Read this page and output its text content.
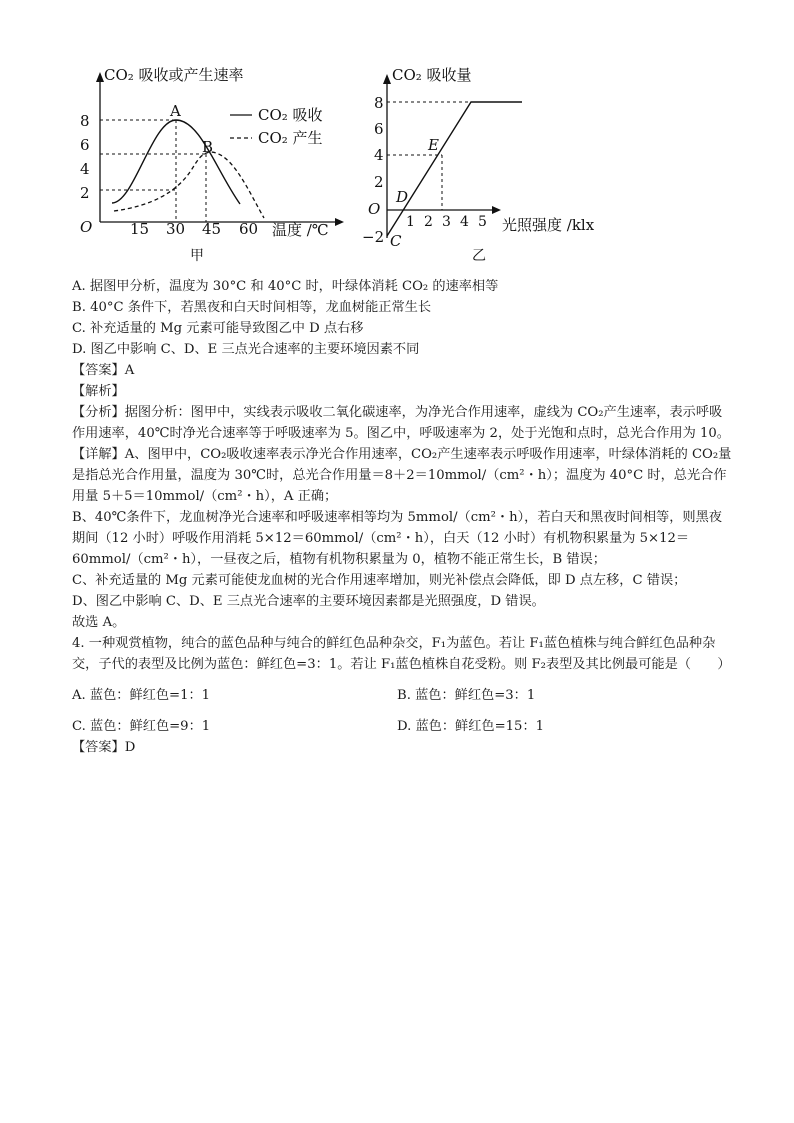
CO₂ 吸收或产生速率
温度 /℃
O
8
6
4
2
15 30 45 60
A
B
CO₂ 吸收
CO₂ 产生
甲
CO₂ 吸收量
光照强度 /klx
O
8
6
4
2
−2
1 2 3 4 5
C
D
E
乙

A. 据图甲分析，温度为 30°C 和 40°C 时，叶绿体消耗 CO₂ 的速率相等

B. 40°C 条件下，若黑夜和白天时间相等，龙血树能正常生长

C. 补充适量的 Mg 元素可能导致图乙中 D 点右移

D. 图乙中影响 C、D、E 三点光合速率的主要环境因素不同

【答案】A

【解析】

【分析】据图分析：图甲中，实线表示吸收二氧化碳速率，为净光合作用速率，虚线为 CO₂产生速率，表示呼吸作用速率，40℃时净光合速率等于呼吸速率为 5。图乙中，呼吸速率为 2，处于光饱和点时，总光合作用为 10。

【详解】A、图甲中，CO₂吸收速率表示净光合作用速率，CO₂产生速率表示呼吸作用速率，叶绿体消耗的 CO₂量是指总光合作用量，温度为 30℃时，总光合作用量＝8＋2＝10mmol/（cm²・h）；温度为 40°C 时，总光合作用量 5＋5＝10mmol/（cm²・h），A 正确；

B、40℃条件下，龙血树净光合速率和呼吸速率相等均为 5mmol/（cm²・h），若白天和黑夜时间相等，则黑夜期间（12 小时）呼吸作用消耗 5×12＝60mmol/（cm²・h），白天（12 小时）有机物积累量为 5×12＝60mmol/（cm²・h），一昼夜之后，植物有机物积累量为 0，植物不能正常生长，B 错误；

C、补充适量的 Mg 元素可能使龙血树的光合作用速率增加，则光补偿点会降低，即 D 点左移，C 错误；

D、图乙中影响 C、D、E 三点光合速率的主要环境因素都是光照强度，D 错误。

故选 A。

4. 一种观赏植物，纯合的蓝色品种与纯合的鲜红色品种杂交，F₁为蓝色。若让 F₁蓝色植株与纯合鲜红色品种杂交，子代的表型及比例为蓝色：鲜红色=3：1。若让 F₁蓝色植株自花受粉。则 F₂表型及其比例最可能是（　　）

A. 蓝色：鲜红色=1：1	B. 蓝色：鲜红色=3：1
C. 蓝色：鲜红色=9：1	D. 蓝色：鲜红色=15：1

【答案】D
